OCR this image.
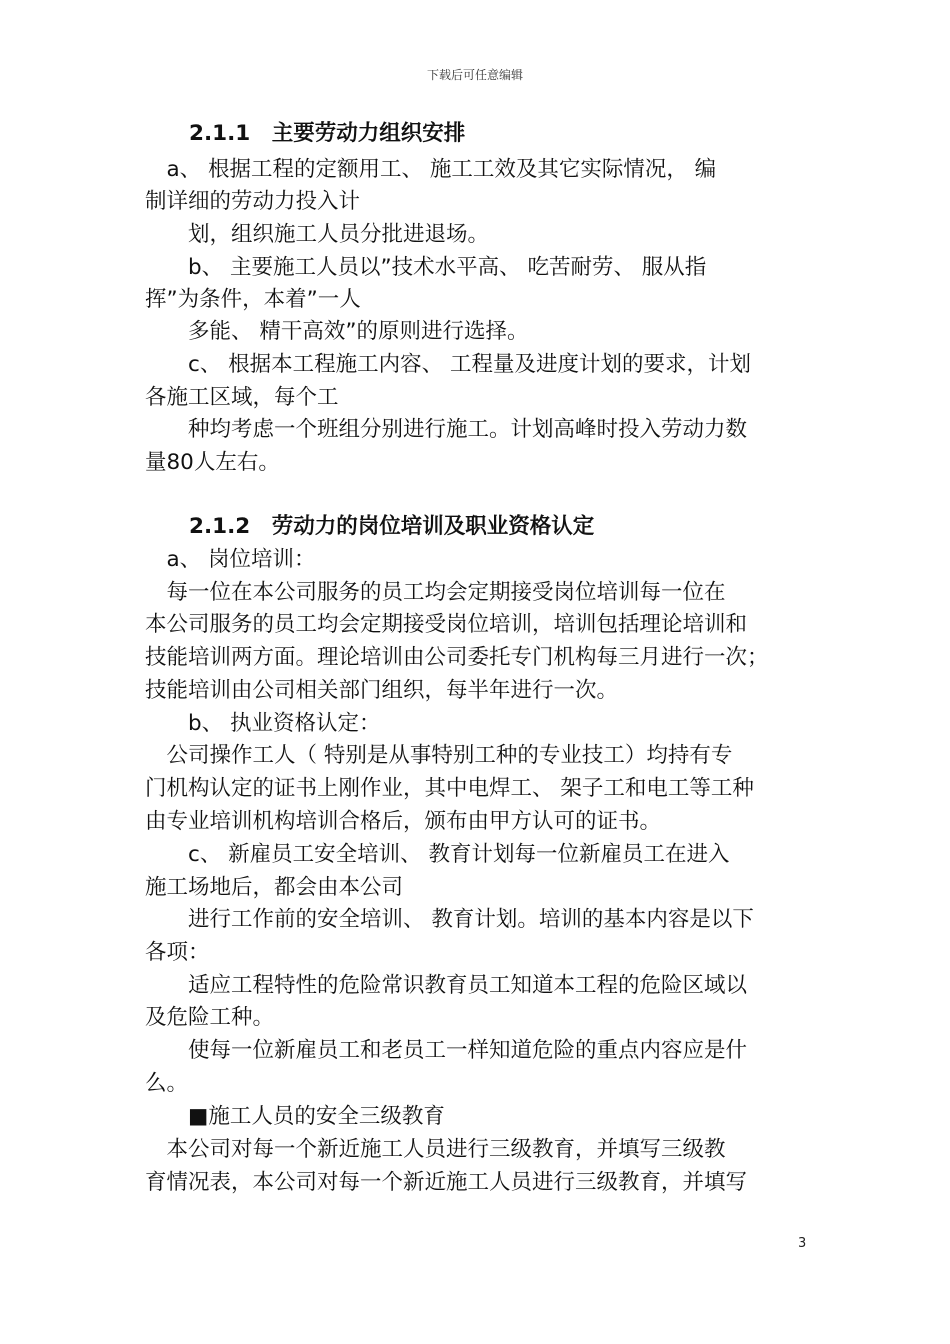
下载后可任意编辑
2.1.1　主要劳动力组织安排
　a、 根据工程的定额用工、 施工工效及其它实际情况， 编
制详细的劳动力投入计
　　划，组织施工人员分批进退场。
　　b、 主要施工人员以”技术水平高、 吃苦耐劳、 服从指
挥”为条件，本着”一人
　　多能、 精干高效”的原则进行选择。
　　c、 根据本工程施工内容、 工程量及进度计划的要求，计划
各施工区域，每个工
　　种均考虑一个班组分别进行施工。计划高峰时投入劳动力数
量80人左右。
2.1.2　劳动力的岗位培训及职业资格认定
　a、 岗位培训：
　每一位在本公司服务的员工均会定期接受岗位培训每一位在
本公司服务的员工均会定期接受岗位培训，培训包括理论培训和
技能培训两方面。理论培训由公司委托专门机构每三月进行一次；
技能培训由公司相关部门组织，每半年进行一次。
　　b、 执业资格认定：
　公司操作工人（ 特别是从事特别工种的专业技工）均持有专
门机构认定的证书上刚作业，其中电焊工、 架子工和电工等工种
由专业培训机构培训合格后，颁布由甲方认可的证书。
　　c、 新雇员工安全培训、 教育计划每一位新雇员工在进入
施工场地后，都会由本公司
　　进行工作前的安全培训、 教育计划。培训的基本内容是以下
各项：
　　适应工程特性的危险常识教育员工知道本工程的危险区域以
及危险工种。
　　使每一位新雇员工和老员工一样知道危险的重点内容应是什
么。
　　■施工人员的安全三级教育
　本公司对每一个新近施工人员进行三级教育，并填写三级教
育情况表，本公司对每一个新近施工人员进行三级教育，并填写
3
